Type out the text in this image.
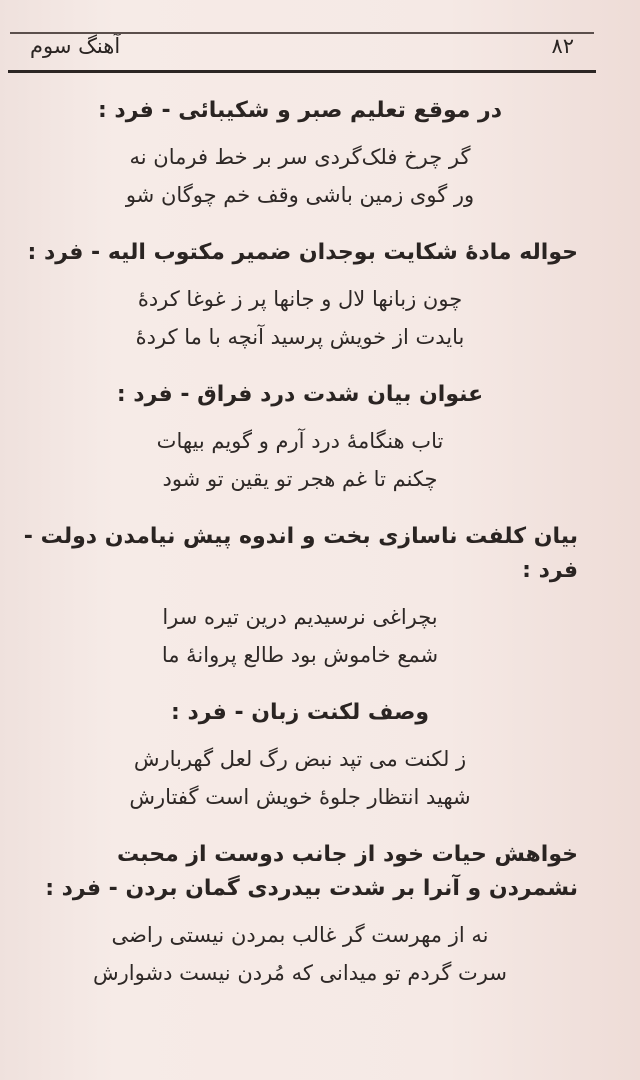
آهنگ سوم	۸۲
در موقع تعلیم صبر و شکیبائی - فرد :
گر چرخ فلک‌گردی سر بر خط فرمان نه
ور گوی زمین باشی وقف خم چوگان شو
حواله مادهٔ شکایت بوجدان ضمیر مکتوب الیه - فرد :
چون زبانها لال و جانها پر ز غوغا کردهٔ
بایدت از خویش پرسید آنچه با ما کردهٔ
عنوان بیان شدت درد فراق - فرد :
تاب هنگامهٔ درد آرم و گویم بیهات
چکنم تا غم هجر تو یقین تو شود
بیان کلفت ناسازی بخت و اندوه پیش نیامدن دولت - فرد :
بچراغی نرسیدیم درین تیره سرا
شمع خاموش بود طالع پروانهٔ ما
وصف لکنت زبان - فرد :
ز لکنت می تپد نبض رگ لعل گهربارش
شهید انتظار جلوهٔ خویش است گفتارش
خواهش حیات خود از جانب دوست از محبت نشمردن و آنرا بر شدت بیدردی گمان بردن - فرد :
نه از مهرست گر غالب بمردن نیستی راضی
سرت گردم تو میدانی که مُردن نیست دشوارش
